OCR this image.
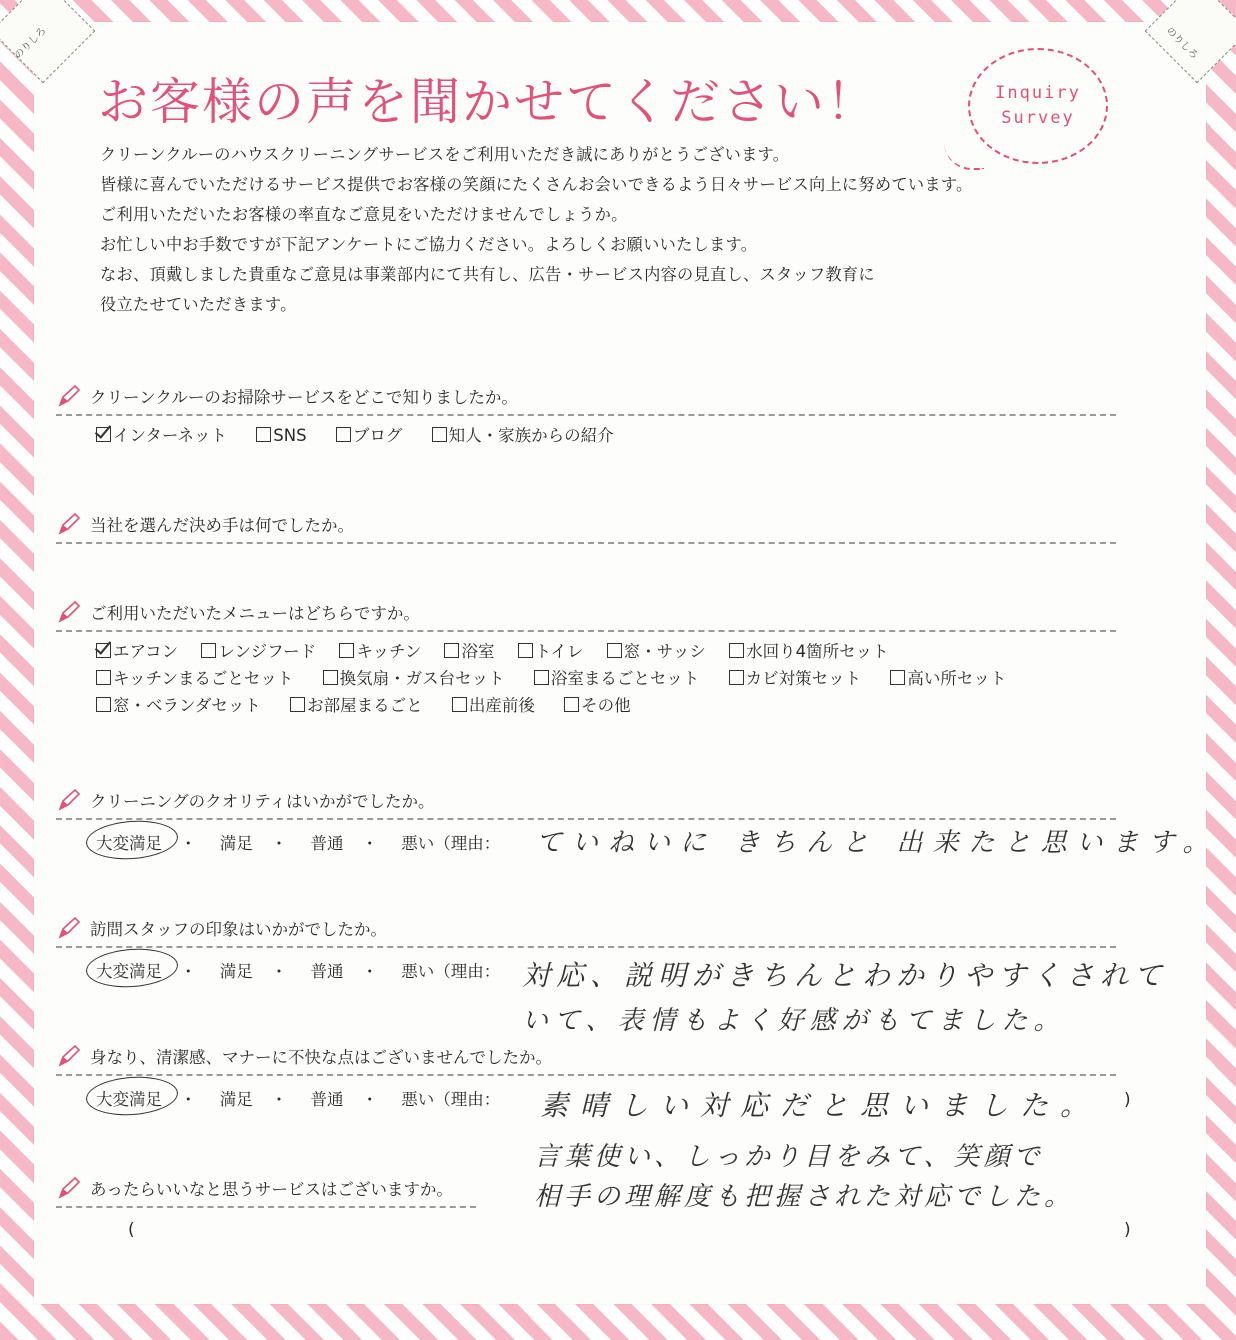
のりしろ	のりしろ
お客様の声を聞かせてください！	Inquiry
Survey

クリーンクルーのハウスクリーニングサービスをご利用いただき誠にありがとうございます。

皆様に喜んでいただけるサービス提供でお客様の笑顔にたくさんお会いできるよう日々サービス向上に努めています。

ご利用いただいたお客様の率直なご意見をいただけませんでしょうか。

お忙しい中お手数ですが下記アンケートにご協力ください。よろしくお願いいたします。

なお、頂戴しました貴重なご意見は事業部内にて共有し、広告・サービス内容の見直し、スタッフ教育に

役立たせていただきます。

クリーンクルーのお掃除サービスをどこで知りましたか。
インターネット	SNS	ブログ	知人・家族からの紹介
当社を選んだ決め手は何でしたか。
ご利用いただいたメニューはどちらですか。
エアコン レンジフード キッチン 浴室 トイレ 窓・サッシ 水回り4箇所セット
キッチンまるごとセット	換気扇・ガス台セット	浴室まるごとセット	カビ対策セット	高い所セット
窓・ベランダセット	お部屋まるごと	出産前後	その他
クリーニングのクオリティはいかがでしたか。
大変満足 ・ 満足 ・ 普通 ・ 悪い（理由：	ていねいに きちんと 出来たと思います。
訪問スタッフの印象はいかがでしたか。
大変満足 ・ 満足 ・ 普通 ・ 悪い（理由： 対応、説明がきちんとわかりやすくされて
いて、表情もよく好感がもてました。
身なり、清潔感、マナーに不快な点はございませんでしたか。
大変満足 ・ 満足 ・ 普通 ・ 悪い（理由：	素晴しい対応だと思いました。 )
言葉使い、しっかり目をみて、笑顔で
相手の理解度も把握された対応でした。
あったらいいなと思うサービスはございますか。
(	)
